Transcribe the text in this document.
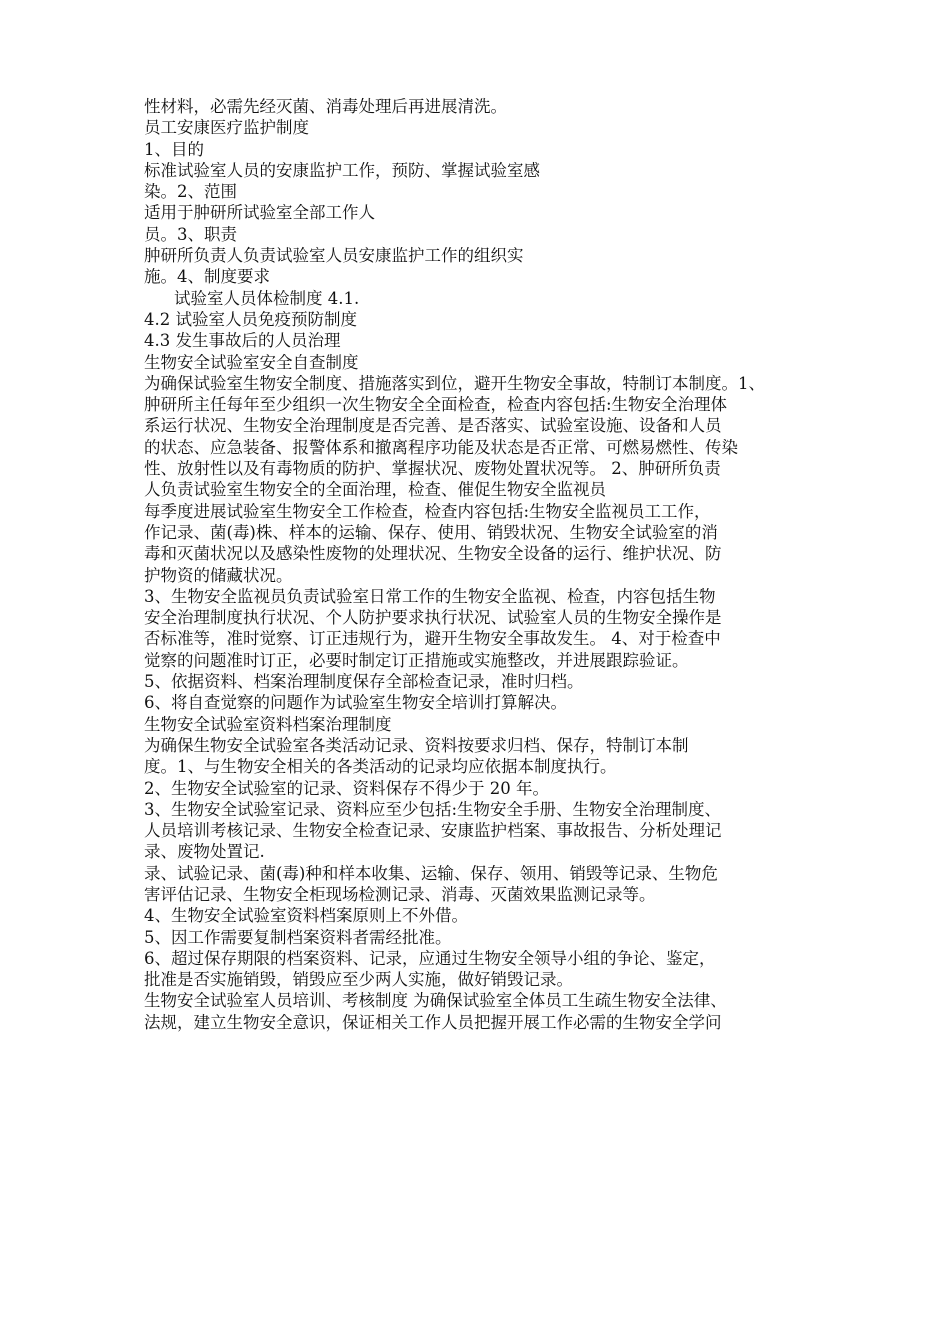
性材料，必需先经灭菌、消毒处理后再进展清洗。
员工安康医疗监护制度
1、目的
标准试验室人员的安康监护工作，预防、掌握试验室感
染。2、范围
适用于肿研所试验室全部工作人
员。3、职责
肿研所负责人负责试验室人员安康监护工作的组织实
施。4、制度要求
试验室人员体检制度 4.1.
4.2 试验室人员免疫预防制度
4.3 发生事故后的人员治理
生物安全试验室安全自查制度
为确保试验室生物安全制度、措施落实到位，避开生物安全事故，特制订本制度。1、
肿研所主任每年至少组织一次生物安全全面检查，检查内容包括:生物安全治理体
系运行状况、生物安全治理制度是否完善、是否落实、试验室设施、设备和人员
的状态、应急装备、报警体系和撤离程序功能及状态是否正常、可燃易燃性、传染
性、放射性以及有毒物质的防护、掌握状况、废物处置状况等。 2、肿研所负责
人负责试验室生物安全的全面治理，检查、催促生物安全监视员
每季度进展试验室生物安全工作检查，检查内容包括:生物安全监视员工工作，
作记录、菌(毒)株、样本的运输、保存、使用、销毁状况、生物安全试验室的消
毒和灭菌状况以及感染性废物的处理状况、生物安全设备的运行、维护状况、防
护物资的储藏状况。
3、生物安全监视员负责试验室日常工作的生物安全监视、检查，内容包括生物
安全治理制度执行状况、个人防护要求执行状况、试验室人员的生物安全操作是
否标准等，准时觉察、订正违规行为，避开生物安全事故发生。 4、对于检查中
觉察的问题准时订正，必要时制定订正措施或实施整改，并进展跟踪验证。
5、依据资料、档案治理制度保存全部检查记录，准时归档。
6、将自查觉察的问题作为试验室生物安全培训打算解决。
生物安全试验室资料档案治理制度
为确保生物安全试验室各类活动记录、资料按要求归档、保存，特制订本制
度。1、与生物安全相关的各类活动的记录均应依据本制度执行。
2、生物安全试验室的记录、资料保存不得少于 20 年。
3、生物安全试验室记录、资料应至少包括:生物安全手册、生物安全治理制度、
人员培训考核记录、生物安全检查记录、安康监护档案、事故报告、分析处理记
录、废物处置记.
录、试验记录、菌(毒)种和样本收集、运输、保存、领用、销毁等记录、生物危
害评估记录、生物安全柜现场检测记录、消毒、灭菌效果监测记录等。
4、生物安全试验室资料档案原则上不外借。
5、因工作需要复制档案资料者需经批准。
6、超过保存期限的档案资料、记录，应通过生物安全领导小组的争论、鉴定，
批准是否实施销毁，销毁应至少两人实施，做好销毁记录。
生物安全试验室人员培训、考核制度 为确保试验室全体员工生疏生物安全法律、
法规，建立生物安全意识，保证相关工作人员把握开展工作必需的生物安全学问
